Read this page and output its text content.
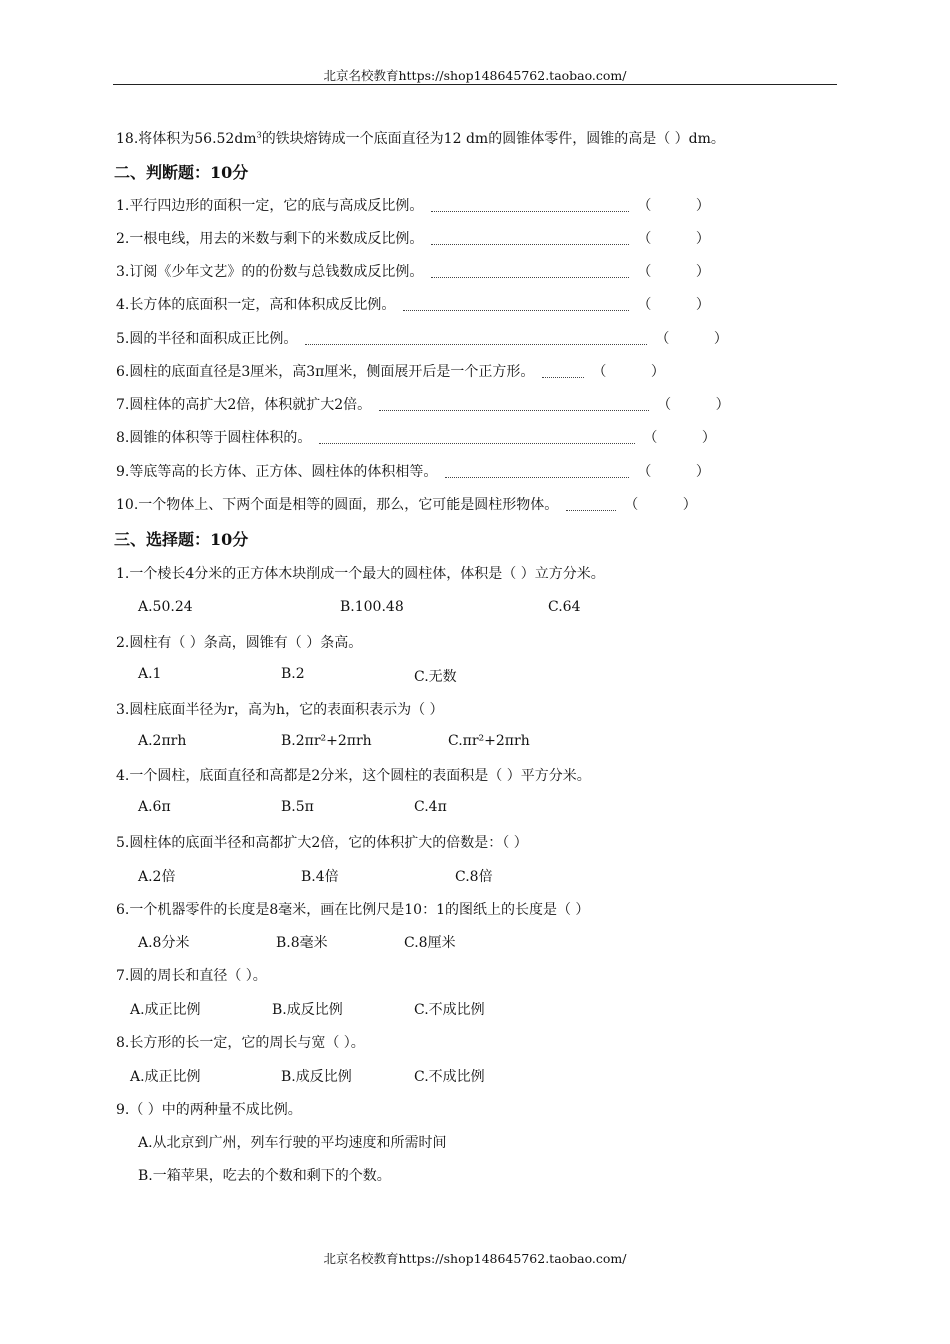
北京名校教育https://shop148645762.taobao.com/
18.将体积为$56.52dm^3$的铁块熔铸成一个底面直径为12 dm的圆锥体零件，圆锥的高是（ ）dm。
二、判断题：10分
1.平行四边形的面积一定，它的底与高成反比例。	（          ）
2.一根电线，用去的米数与剩下的米数成反比例。	（          ）
3.订阅《少年文艺》的的份数与总钱数成反比例。	（          ）
4.长方体的底面积一定，高和体积成反比例。	（          ）
5.圆的半径和面积成正比例。	（          ）
6.圆柱的底面直径是3厘米，高3π厘米，侧面展开后是一个正方形。	（          ）
7.圆柱体的高扩大2倍，体积就扩大2倍。	（          ）
8.圆锥的体积等于圆柱体积的。	（          ）
9.等底等高的长方体、正方体、圆柱体的体积相等。	（          ）
10.一个物体上、下两个面是相等的圆面，那么，它可能是圆柱形物体。	（          ）
三、选择题：10分
1.一个棱长4分米的正方体木块削成一个最大的圆柱体，体积是（ ）立方分米。
A.50.24	B.100.48	C.64
2.圆柱有（ ）条高，圆锥有（ ）条高。
A.1	B.2	C.无数
3.圆柱底面半径为r，高为h，它的表面积表示为（ ）
A.2πrh	B.2πr²+2πrh	C.πr²+2πrh
4.一个圆柱，底面直径和高都是2分米，这个圆柱的表面积是（ ）平方分米。
A.6π	B.5π	C.4π
5.圆柱体的底面半径和高都扩大2倍，它的体积扩大的倍数是：（ ）
A.2倍	B.4倍	C.8倍
6.一个机器零件的长度是8毫米，画在比例尺是10：1的图纸上的长度是（ ）
A.8分米	B.8毫米	C.8厘米
7.圆的周长和直径（ ）。
A.成正比例	B.成反比例	C.不成比例
8.长方形的长一定，它的周长与宽（ ）。
A.成正比例	B.成反比例	C.不成比例
9.（ ）中的两种量不成比例。
A.从北京到广州，列车行驶的平均速度和所需时间
B.一箱苹果，吃去的个数和剩下的个数。
北京名校教育https://shop148645762.taobao.com/
